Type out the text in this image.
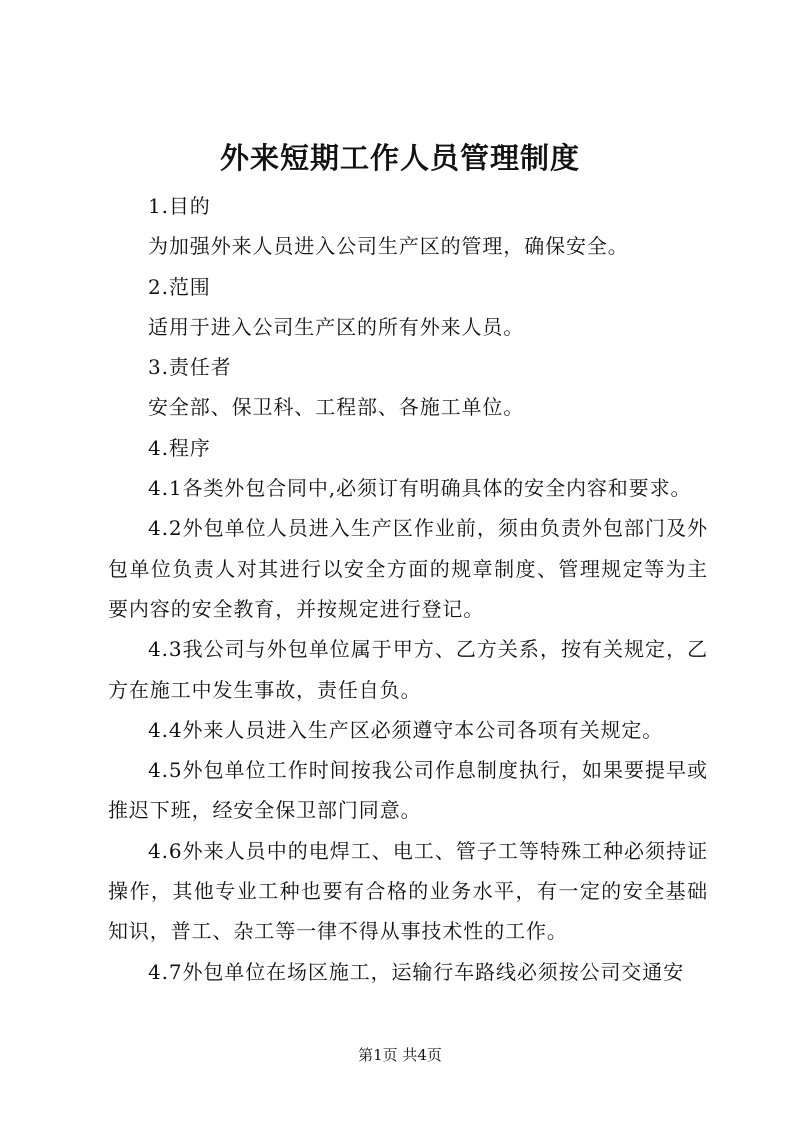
外来短期工作人员管理制度

1.目的

为加强外来人员进入公司生产区的管理，确保安全。

2.范围

适用于进入公司生产区的所有外来人员。

3.责任者

安全部、保卫科、工程部、各施工单位。

4.程序

4.1各类外包合同中,必须订有明确具体的安全内容和要求。

4.2外包单位人员进入生产区作业前，须由负责外包部门及外包单位负责人对其进行以安全方面的规章制度、管理规定等为主要内容的安全教育，并按规定进行登记。

4.3我公司与外包单位属于甲方、乙方关系，按有关规定，乙方在施工中发生事故，责任自负。

4.4外来人员进入生产区必须遵守本公司各项有关规定。

4.5外包单位工作时间按我公司作息制度执行，如果要提早或推迟下班，经安全保卫部门同意。

4.6外来人员中的电焊工、电工、管子工等特殊工种必须持证操作，其他专业工种也要有合格的业务水平，有一定的安全基础知识，普工、杂工等一律不得从事技术性的工作。

4.7外包单位在场区施工，运输行车路线必须按公司交通安

第1页 共4页
